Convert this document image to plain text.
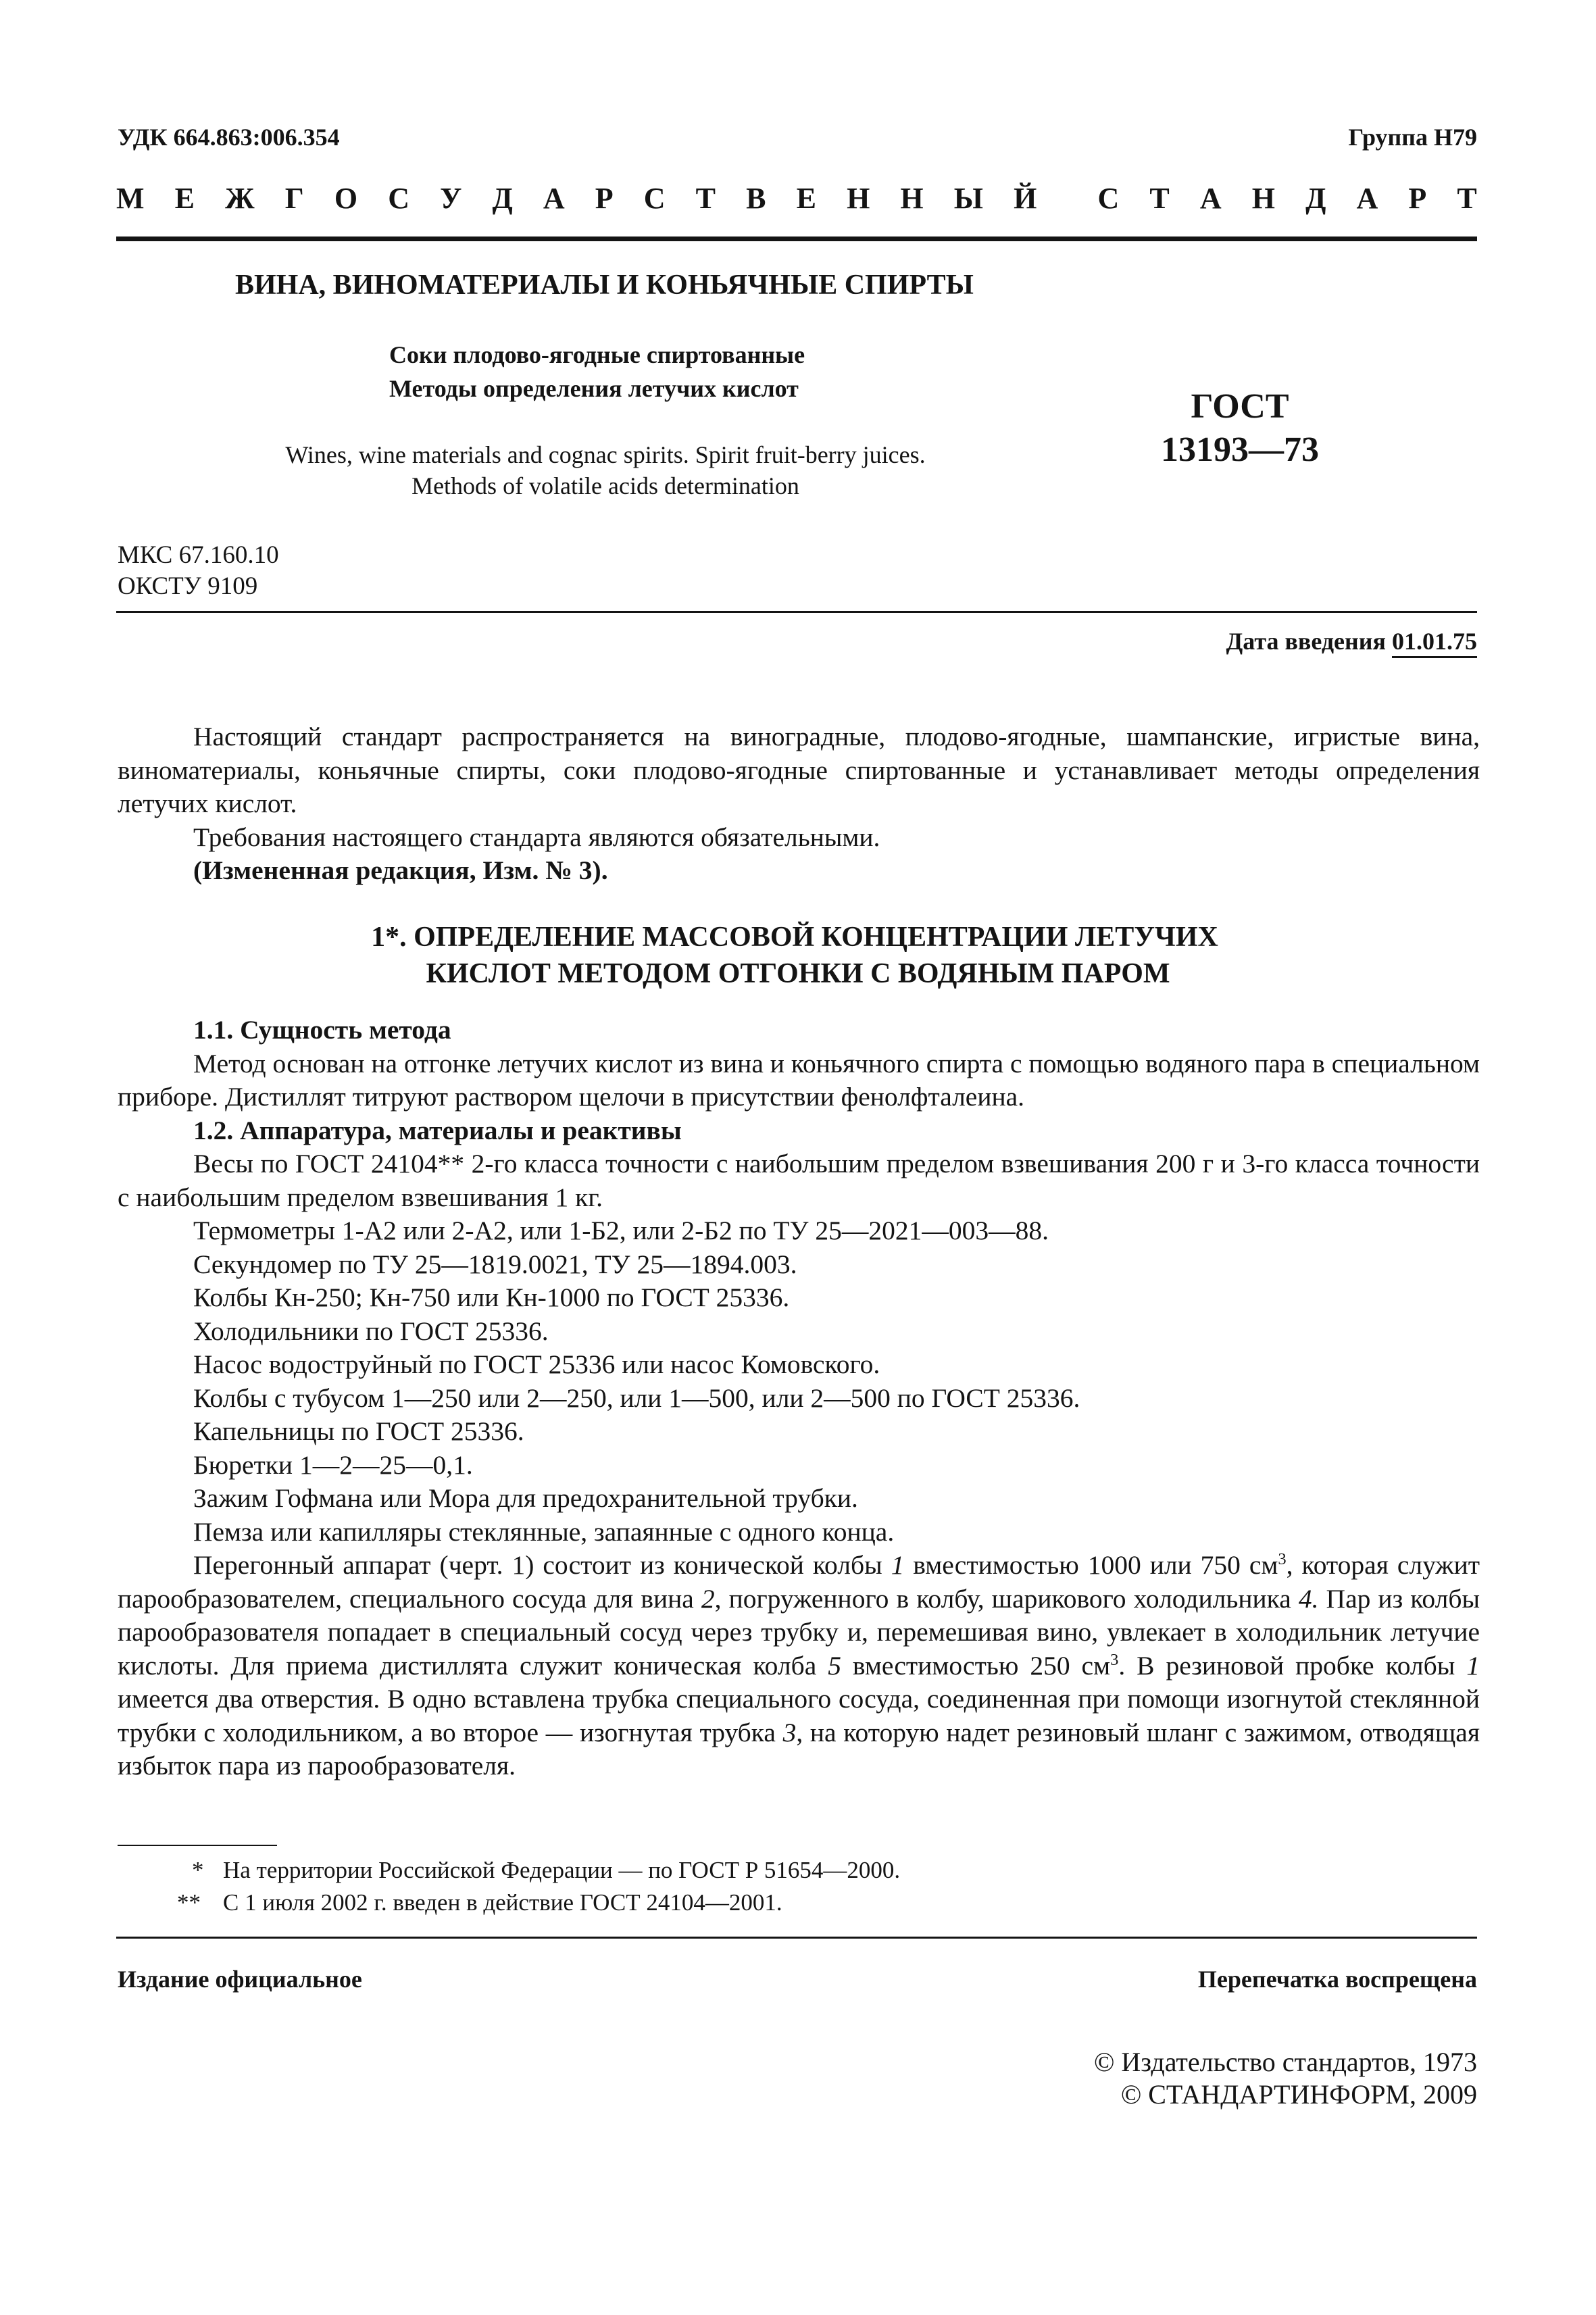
УДК 664.863:006.354	Группа Н79
М Е Ж Г О С У Д А Р С Т В Е Н Н Ы Й С Т А Н Д А Р Т
ВИНА, ВИНОМАТЕРИАЛЫ И КОНЬЯЧНЫЕ СПИРТЫ
Соки плодово-ягодные спиртованные
Методы определения летучих кислот
Wines, wine materials and cognac spirits. Spirit fruit-berry juices.
Methods of volatile acids determination
ГОСТ
13193—73
МКС 67.160.10
ОКСТУ 9109
Дата введения 01.01.75

Настоящий стандарт распространяется на виноградные, плодово-ягодные, шампанские, игристые вина, виноматериалы, коньячные спирты, соки плодово-ягодные спиртованные и устанавливает методы определения летучих кислот.

Требования настоящего стандарта являются обязательными.

(Измененная редакция, Изм. № 3).

1*. ОПРЕДЕЛЕНИЕ МАССОВОЙ КОНЦЕНТРАЦИИ ЛЕТУЧИХ
КИСЛОТ МЕТОДОМ ОТГОНКИ С ВОДЯНЫМ ПАРОМ

1.1. Сущность метода

Метод основан на отгонке летучих кислот из вина и коньячного спирта с помощью водяного пара в специальном приборе. Дистиллят титруют раствором щелочи в присутствии фенолфталеина.

1.2. Аппаратура, материалы и реактивы

Весы по ГОСТ 24104** 2-го класса точности с наибольшим пределом взвешивания 200 г и 3-го класса точности с наибольшим пределом взвешивания 1 кг.

Термометры 1-А2 или 2-А2, или 1-Б2, или 2-Б2 по ТУ 25—2021—003—88.

Секундомер по ТУ 25—1819.0021, ТУ 25—1894.003.

Колбы Кн-250; Кн-750 или Кн-1000 по ГОСТ 25336.

Холодильники по ГОСТ 25336.

Насос водоструйный по ГОСТ 25336 или насос Комовского.

Колбы с тубусом 1—250 или 2—250, или 1—500, или 2—500 по ГОСТ 25336.

Капельницы по ГОСТ 25336.

Бюретки 1—2—25—0,1.

Зажим Гофмана или Мора для предохранительной трубки.

Пемза или капилляры стеклянные, запаянные с одного конца.

Перегонный аппарат (черт. 1) состоит из конической колбы 1 вместимостью 1000 или 750 $см^3$, которая служит парообразователем, специального сосуда для вина 2, погруженного в колбу, шарикового холодильника 4. Пар из колбы парообразователя попадает в специальный сосуд через трубку и, перемешивая вино, увлекает в холодильник летучие кислоты. Для приема дистиллята служит коническая колба 5 вместимостью 250 $см^3$. В резиновой пробке колбы 1 имеется два отверстия. В одно вставлена трубка специального сосуда, соединенная при помощи изогнутой стеклянной трубки с холодильником, а во второе — изогнутая трубка 3, на которую надет резиновый шланг с зажимом, отводящая избыток пара из парообразователя.

* На территории Российской Федерации — по ГОСТ Р 51654—2000.
** С 1 июля 2002 г. введен в действие ГОСТ 24104—2001.
Издание официальное	Перепечатка воспрещена
© Издательство стандартов, 1973
© СТАНДАРТИНФОРМ, 2009
